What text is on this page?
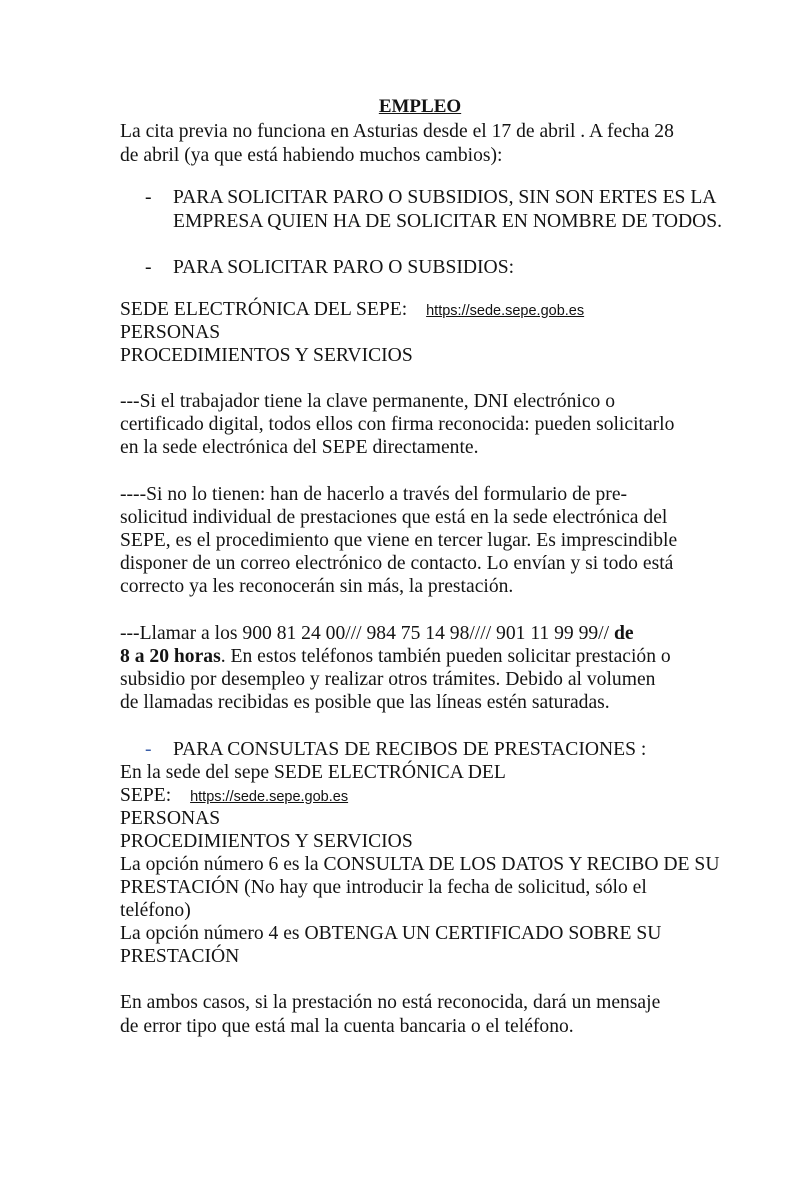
EMPLEO
La cita previa no funciona en Asturias desde el 17 de abril . A fecha 28
de abril (ya que está habiendo muchos cambios):
- PARA SOLICITAR PARO O SUBSIDIOS, SIN SON ERTES ES LA
EMPRESA QUIEN HA DE SOLICITAR EN NOMBRE DE TODOS.
- PARA SOLICITAR PARO O SUBSIDIOS:
SEDE ELECTRÓNICA DEL SEPE: https://sede.sepe.gob.es
PERSONAS
PROCEDIMIENTOS Y SERVICIOS
---Si el trabajador tiene la clave permanente, DNI electrónico o
certificado digital, todos ellos con firma reconocida: pueden solicitarlo
en la sede electrónica del SEPE directamente.
----Si no lo tienen: han de hacerlo a través del formulario de pre-
solicitud individual de prestaciones que está en la sede electrónica del
SEPE, es el procedimiento que viene en tercer lugar. Es imprescindible
disponer de un correo electrónico de contacto. Lo envían y si todo está
correcto ya les reconocerán sin más, la prestación.
---Llamar a los 900 81 24 00/// 984 75 14 98//// 901 11 99 99// de
8 a 20 horas. En estos teléfonos también pueden solicitar prestación o
subsidio por desempleo y realizar otros trámites. Debido al volumen
de llamadas recibidas es posible que las líneas estén saturadas.
- PARA CONSULTAS DE RECIBOS DE PRESTACIONES :
En la sede del sepe SEDE ELECTRÓNICA DEL
SEPE: https://sede.sepe.gob.es
PERSONAS
PROCEDIMIENTOS Y SERVICIOS
La opción número 6 es la CONSULTA DE LOS DATOS Y RECIBO DE SU
PRESTACIÓN (No hay que introducir la fecha de solicitud, sólo el
teléfono)
La opción número 4 es OBTENGA UN CERTIFICADO SOBRE SU
PRESTACIÓN
En ambos casos, si la prestación no está reconocida, dará un mensaje
de error tipo que está mal la cuenta bancaria o el teléfono.
